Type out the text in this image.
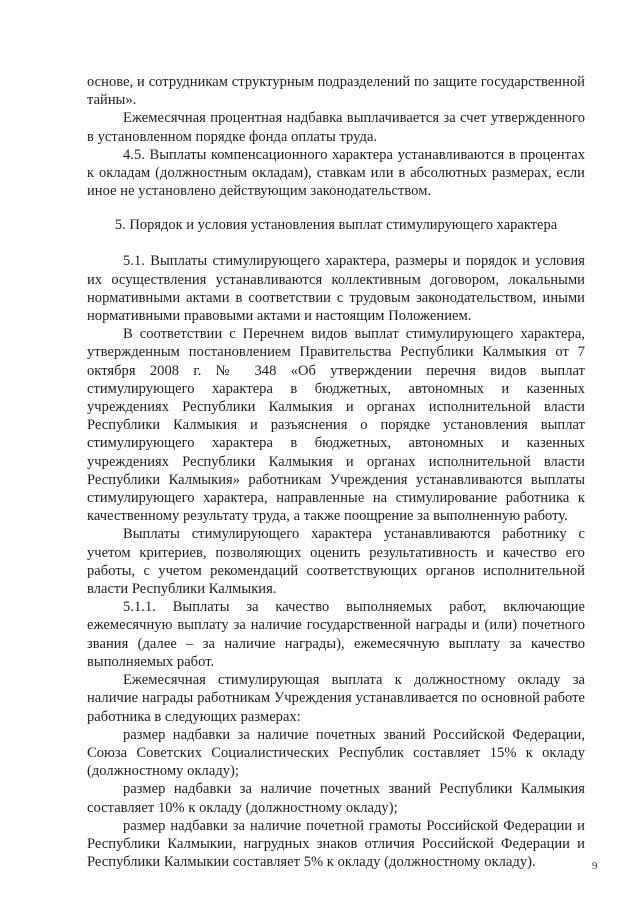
основе, и сотрудникам структурным подразделений по защите государственной тайны».

Ежемесячная процентная надбавка выплачивается за счет утвержденного в установленном порядке фонда оплаты труда.

4.5. Выплаты компенсационного характера устанавливаются в процентах к окладам (должностным окладам), ставкам или в абсолютных размерах, если иное не установлено действующим законодательством.

5. Порядок и условия установления выплат стимулирующего характера

5.1. Выплаты стимулирующего характера, размеры и порядок и условия их осуществления устанавливаются коллективным договором, локальными нормативными актами в соответствии с трудовым законодательством, иными нормативными правовыми актами и настоящим Положением.

В соответствии с Перечнем видов выплат стимулирующего характера, утвержденным постановлением Правительства Республики Калмыкия от 7 октября 2008 г. № 348 «Об утверждении перечня видов выплат стимулирующего характера в бюджетных, автономных и казенных учреждениях Республики Калмыкия и органах исполнительной власти Республики Калмыкия и разъяснения о порядке установления выплат стимулирующего характера в бюджетных, автономных и казенных учреждениях Республики Калмыкия и органах исполнительной власти Республики Калмыкия» работникам Учреждения устанавливаются выплаты стимулирующего характера, направленные на стимулирование работника к качественному результату труда, а также поощрение за выполненную работу.

Выплаты стимулирующего характера устанавливаются работнику с учетом критериев, позволяющих оценить результативность и качество его работы, с учетом рекомендаций соответствующих органов исполнительной власти Республики Калмыкия.

5.1.1. Выплаты за качество выполняемых работ, включающие ежемесячную выплату за наличие государственной награды и (или) почетного звания (далее – за наличие награды), ежемесячную выплату за качество выполняемых работ.

Ежемесячная стимулирующая выплата к должностному окладу за наличие награды работникам Учреждения устанавливается по основной работе работника в следующих размерах:

размер надбавки за наличие почетных званий Российской Федерации, Союза Советских Социалистических Республик составляет 15% к окладу (должностному окладу);

размер надбавки за наличие почетных званий Республики Калмыкия составляет 10% к окладу (должностному окладу);

размер надбавки за наличие почетной грамоты Российской Федерации и Республики Калмыкии, нагрудных знаков отличия Российской Федерации и Республики Калмыкии составляет 5% к окладу (должностному окладу).	9
